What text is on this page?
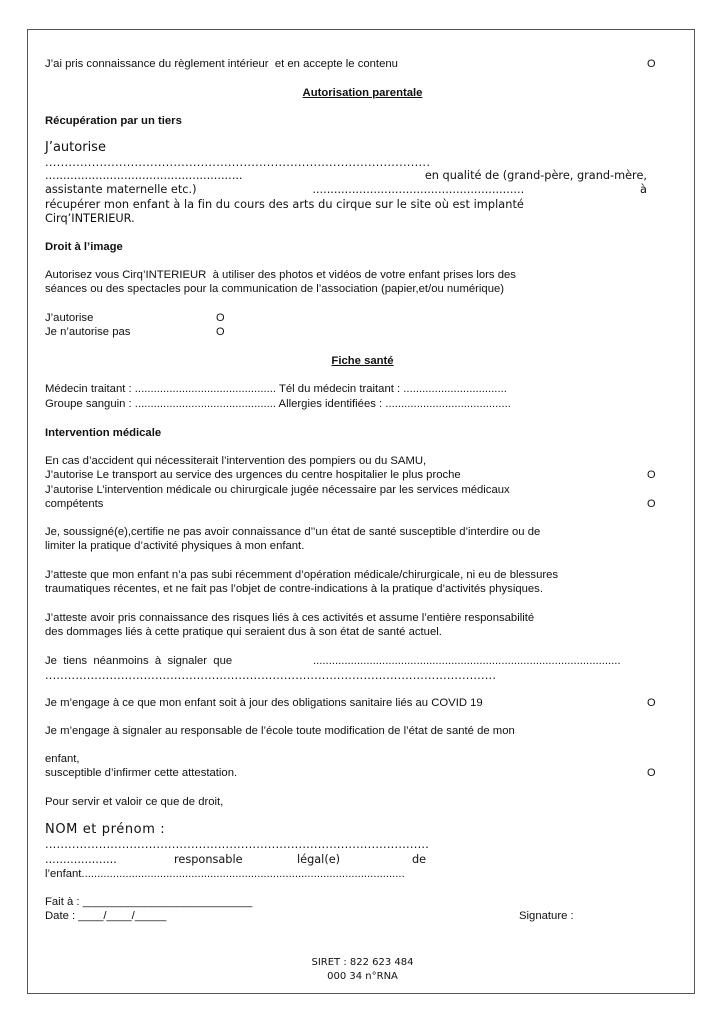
J’ai pris connaissance du règlement intérieur  et en accepte le contenu	O
Autorisation parentale
Récupération par un tiers
J’autorise
...................................................................................................
.......................................................	en qualité de (grand-père, grand-mère,
assistante maternelle etc.)	...........................................................	à
récupérer mon enfant à la fin du cours des arts du cirque sur le site où est implanté
Cirq’INTERIEUR.
Droit à l’image
Autorisez vous Cirq’INTERIEUR  à utiliser des photos et vidéos de votre enfant prises lors des
séances ou des spectacles pour la communication de l’association (papier,et/ou numérique)
J’autorise	O
Je n’autorise pas	O
Fiche santé
Médecin traitant : ............................................. Tél du médecin traitant : .................................
Groupe sanguin : ............................................. Allergies identifiées : ........................................
Intervention médicale
En cas d’accident qui nécessiterait l’intervention des pompiers ou du SAMU,
J’autorise Le transport au service des urgences du centre hospitalier le plus proche	O
J’autorise L’intervention médicale ou chirurgicale jugée nécessaire par les services médicaux
compétents	O
Je, soussigné(e),certifie ne pas avoir connaissance d’’un état de santé susceptible d’interdire ou de
limiter la pratique d’activité physiques à mon enfant.
J’atteste que mon enfant n’a pas subi récemment d’opération médicale/chirurgicale, ni eu de blessures
traumatiques récentes, et ne fait pas l’objet de contre-indications à la pratique d’activités physiques.
J’atteste avoir pris connaissance des risques liés à ces activités et assume l’entière responsabilité
des dommages liés à cette pratique qui seraient dus à son état de santé actuel.
Je  tiens  néanmoins  à  signaler  que	..................................................................................................
.......................................................................................................................
Je m’engage à ce que mon enfant soit à jour des obligations sanitaire liés au COVID 19	O
Je m’engage à signaler au responsable de l’école toute modification de l’état de santé de mon
enfant,
susceptible d’infirmer cette attestation.	O
Pour servir et valoir ce que de droit,
NOM et prénom :
....................................................................................................
....................	responsable	légal(e)	de
l’enfant.......................................................................................................
Fait à : ___________________________
Date : ____/____/_____	Signature :
SIRET : 822 623 484
000 34 n°RNA
